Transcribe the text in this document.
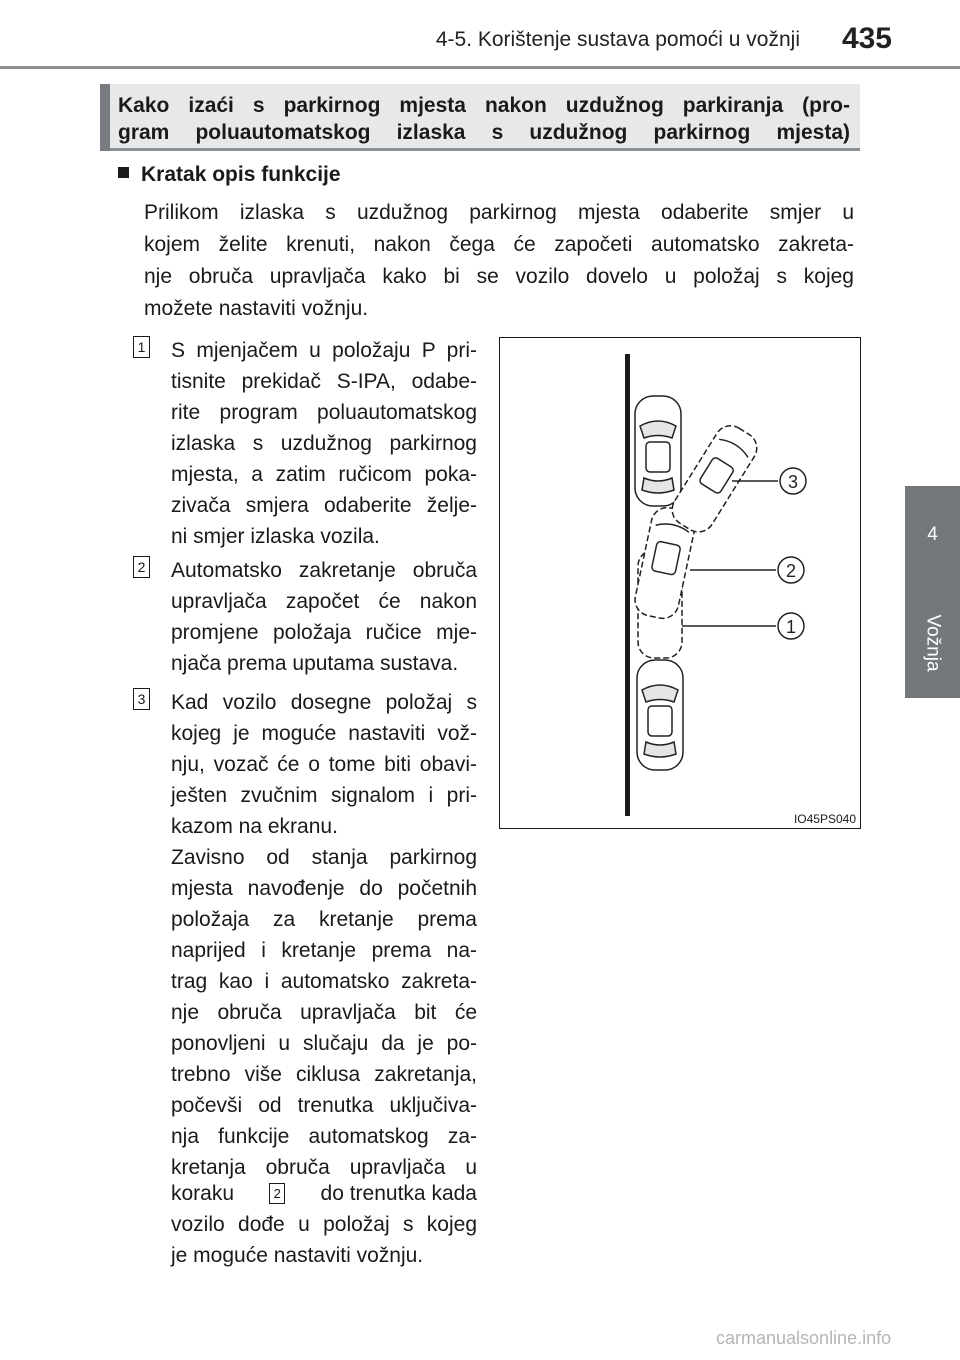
4-5. Korištenje sustava pomoći u vožnji	435
4
Vožnja
Kako izaći s parkirnog mjesta nakon uzdužnog parkiranja (pro-
gram poluautomatskog izlaska s uzdužnog parkirnog mjesta)
Kratak opis funkcije
Prilikom izlaska s uzdužnog parkirnog mjesta odaberite smjer u
kojem želite krenuti, nakon čega će započeti automatsko zakreta-
nje obruča upravljača kako bi se vozilo dovelo u položaj s kojeg
možete nastaviti vožnju.
1 S mjenjačem u položaju P pri-
tisnite prekidač S-IPA, odabe-
rite program poluautomatskog
izlaska s uzdužnog parkirnog
mjesta, a zatim ručicom poka-
zivača smjera odaberite želje-
ni smjer izlaska vozila.
2 Automatsko zakretanje obruča
upravljača započet će nakon
promjene položaja ručice mje-
njača prema uputama sustava.
3 Kad vozilo dosegne položaj s
kojeg je moguće nastaviti vož-
nju, vozač će o tome biti obavi-
ješten zvučnim signalom i pri-
kazom na ekranu.
Zavisno od stanja parkirnog
mjesta navođenje do početnih
položaja za kretanje prema
naprijed i kretanje prema na-
trag kao i automatsko zakreta-
nje obruča upravljača bit će
ponovljeni u slučaju da je po-
trebno više ciklusa zakretanja,
počevši od trenutka uključiva-
nja funkcije automatskog za-
kretanja obruča upravljača u
koraku	2 do trenutka kada
vozilo dođe u položaj s kojeg
je moguće nastaviti vožnju.
3
2
1
IO45PS040
carmanualsonline.info
